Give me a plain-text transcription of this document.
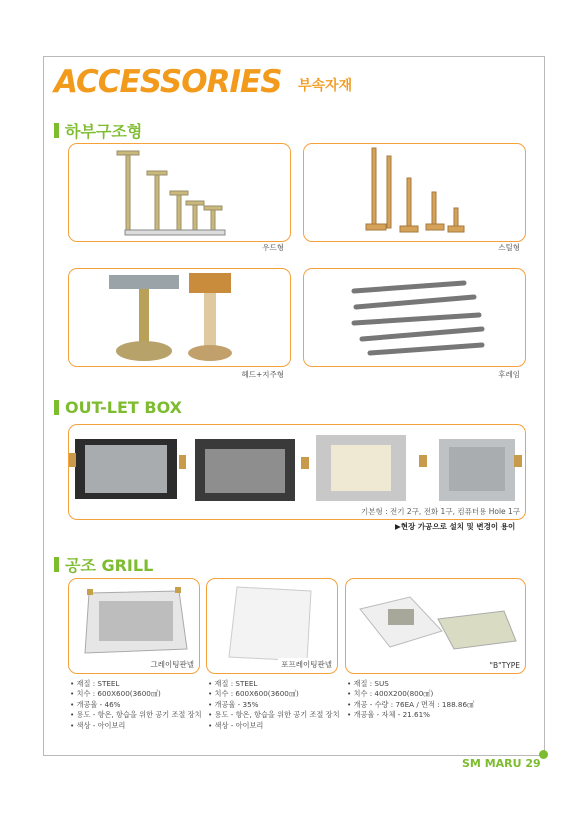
ACCESSORIES 부속자재
하부구조형
우드형	스틸형
헤드+지주형	후레임
OUT-LET BOX
기본형 : 전기 2구, 전화 1구, 컴퓨터용 Hole 1구
▶현장 가공으로 설치 및 변경이 용이
공조 GRILL
그레이팅판넬	포프레이팅판넬	"B"TYPE
• 재질 : STEEL
• 치수 : 600X600(3600㎠)
• 개공율 - 46%
• 용도 - 항온, 항습을 위한 공기 조절 장치
• 색상 - 아이보리
• 재질 : STEEL
• 치수 : 600X600(3600㎠)
• 개공율 - 35%
• 용도 - 항온, 항습을 위한 공기 조절 장치
• 색상 - 아이보리
• 재질 : SUS
• 치수 : 400X200(800㎠)
• 개공 - 수량 : 76EA / 면적 : 188.86㎠
• 개공율 - 자체 - 21.61%
SM MARU 29
